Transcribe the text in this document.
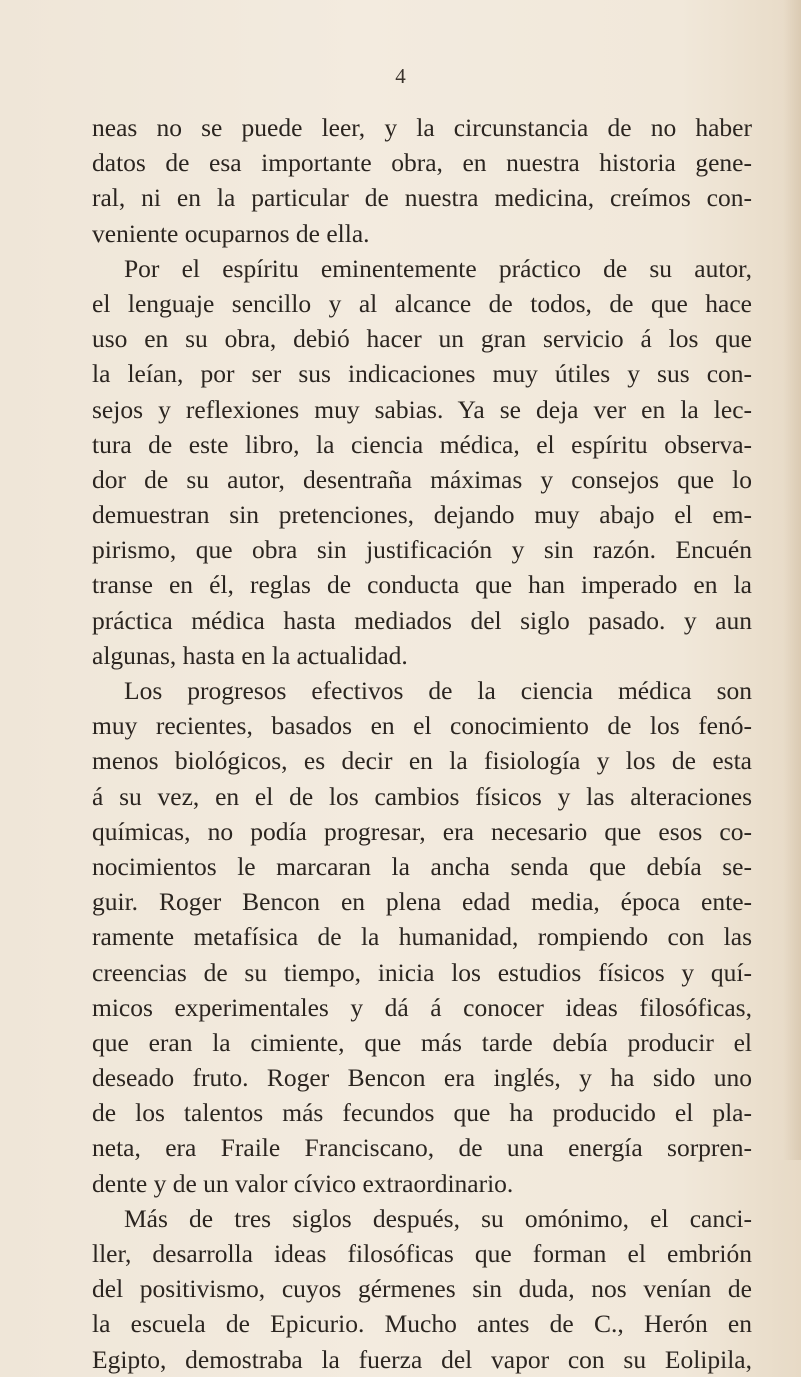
4
neas no se puede leer, y la circunstancia de no haber
datos de esa importante obra, en nuestra historia gene-
ral, ni en la particular de nuestra medicina, creímos con-
veniente ocuparnos de ella.
Por el espíritu eminentemente práctico de su autor,
el lenguaje sencillo y al alcance de todos, de que hace
uso en su obra, debió hacer un gran servicio á los que
la leían, por ser sus indicaciones muy útiles y sus con-
sejos y reflexiones muy sabias. Ya se deja ver en la lec-
tura de este libro, la ciencia médica, el espíritu observa-
dor de su autor, desentraña máximas y consejos que lo
demuestran sin pretenciones, dejando muy abajo el em-
pirismo, que obra sin justificación y sin razón. Encuén
transe en él, reglas de conducta que han imperado en la
práctica médica hasta mediados del siglo pasado. y aun
algunas, hasta en la actualidad.
Los progresos efectivos de la ciencia médica son
muy recientes, basados en el conocimiento de los fenó-
menos biológicos, es decir en la fisiología y los de esta
á su vez, en el de los cambios físicos y las alteraciones
químicas, no podía progresar, era necesario que esos co-
nocimientos le marcaran la ancha senda que debía se-
guir. Roger Bencon en plena edad media, época ente-
ramente metafísica de la humanidad, rompiendo con las
creencias de su tiempo, inicia los estudios físicos y quí-
micos experimentales y dá á conocer ideas filosóficas,
que eran la cimiente, que más tarde debía producir el
deseado fruto. Roger Bencon era inglés, y ha sido uno
de los talentos más fecundos que ha producido el pla-
neta, era Fraile Franciscano, de una energía sorpren-
dente y de un valor cívico extraordinario.
Más de tres siglos después, su omónimo, el canci-
ller, desarrolla ideas filosóficas que forman el embrión
del positivismo, cuyos gérmenes sin duda, nos venían de
la escuela de Epicurio. Mucho antes de C., Herón en
Egipto, demostraba la fuerza del vapor con su Eolipila,
